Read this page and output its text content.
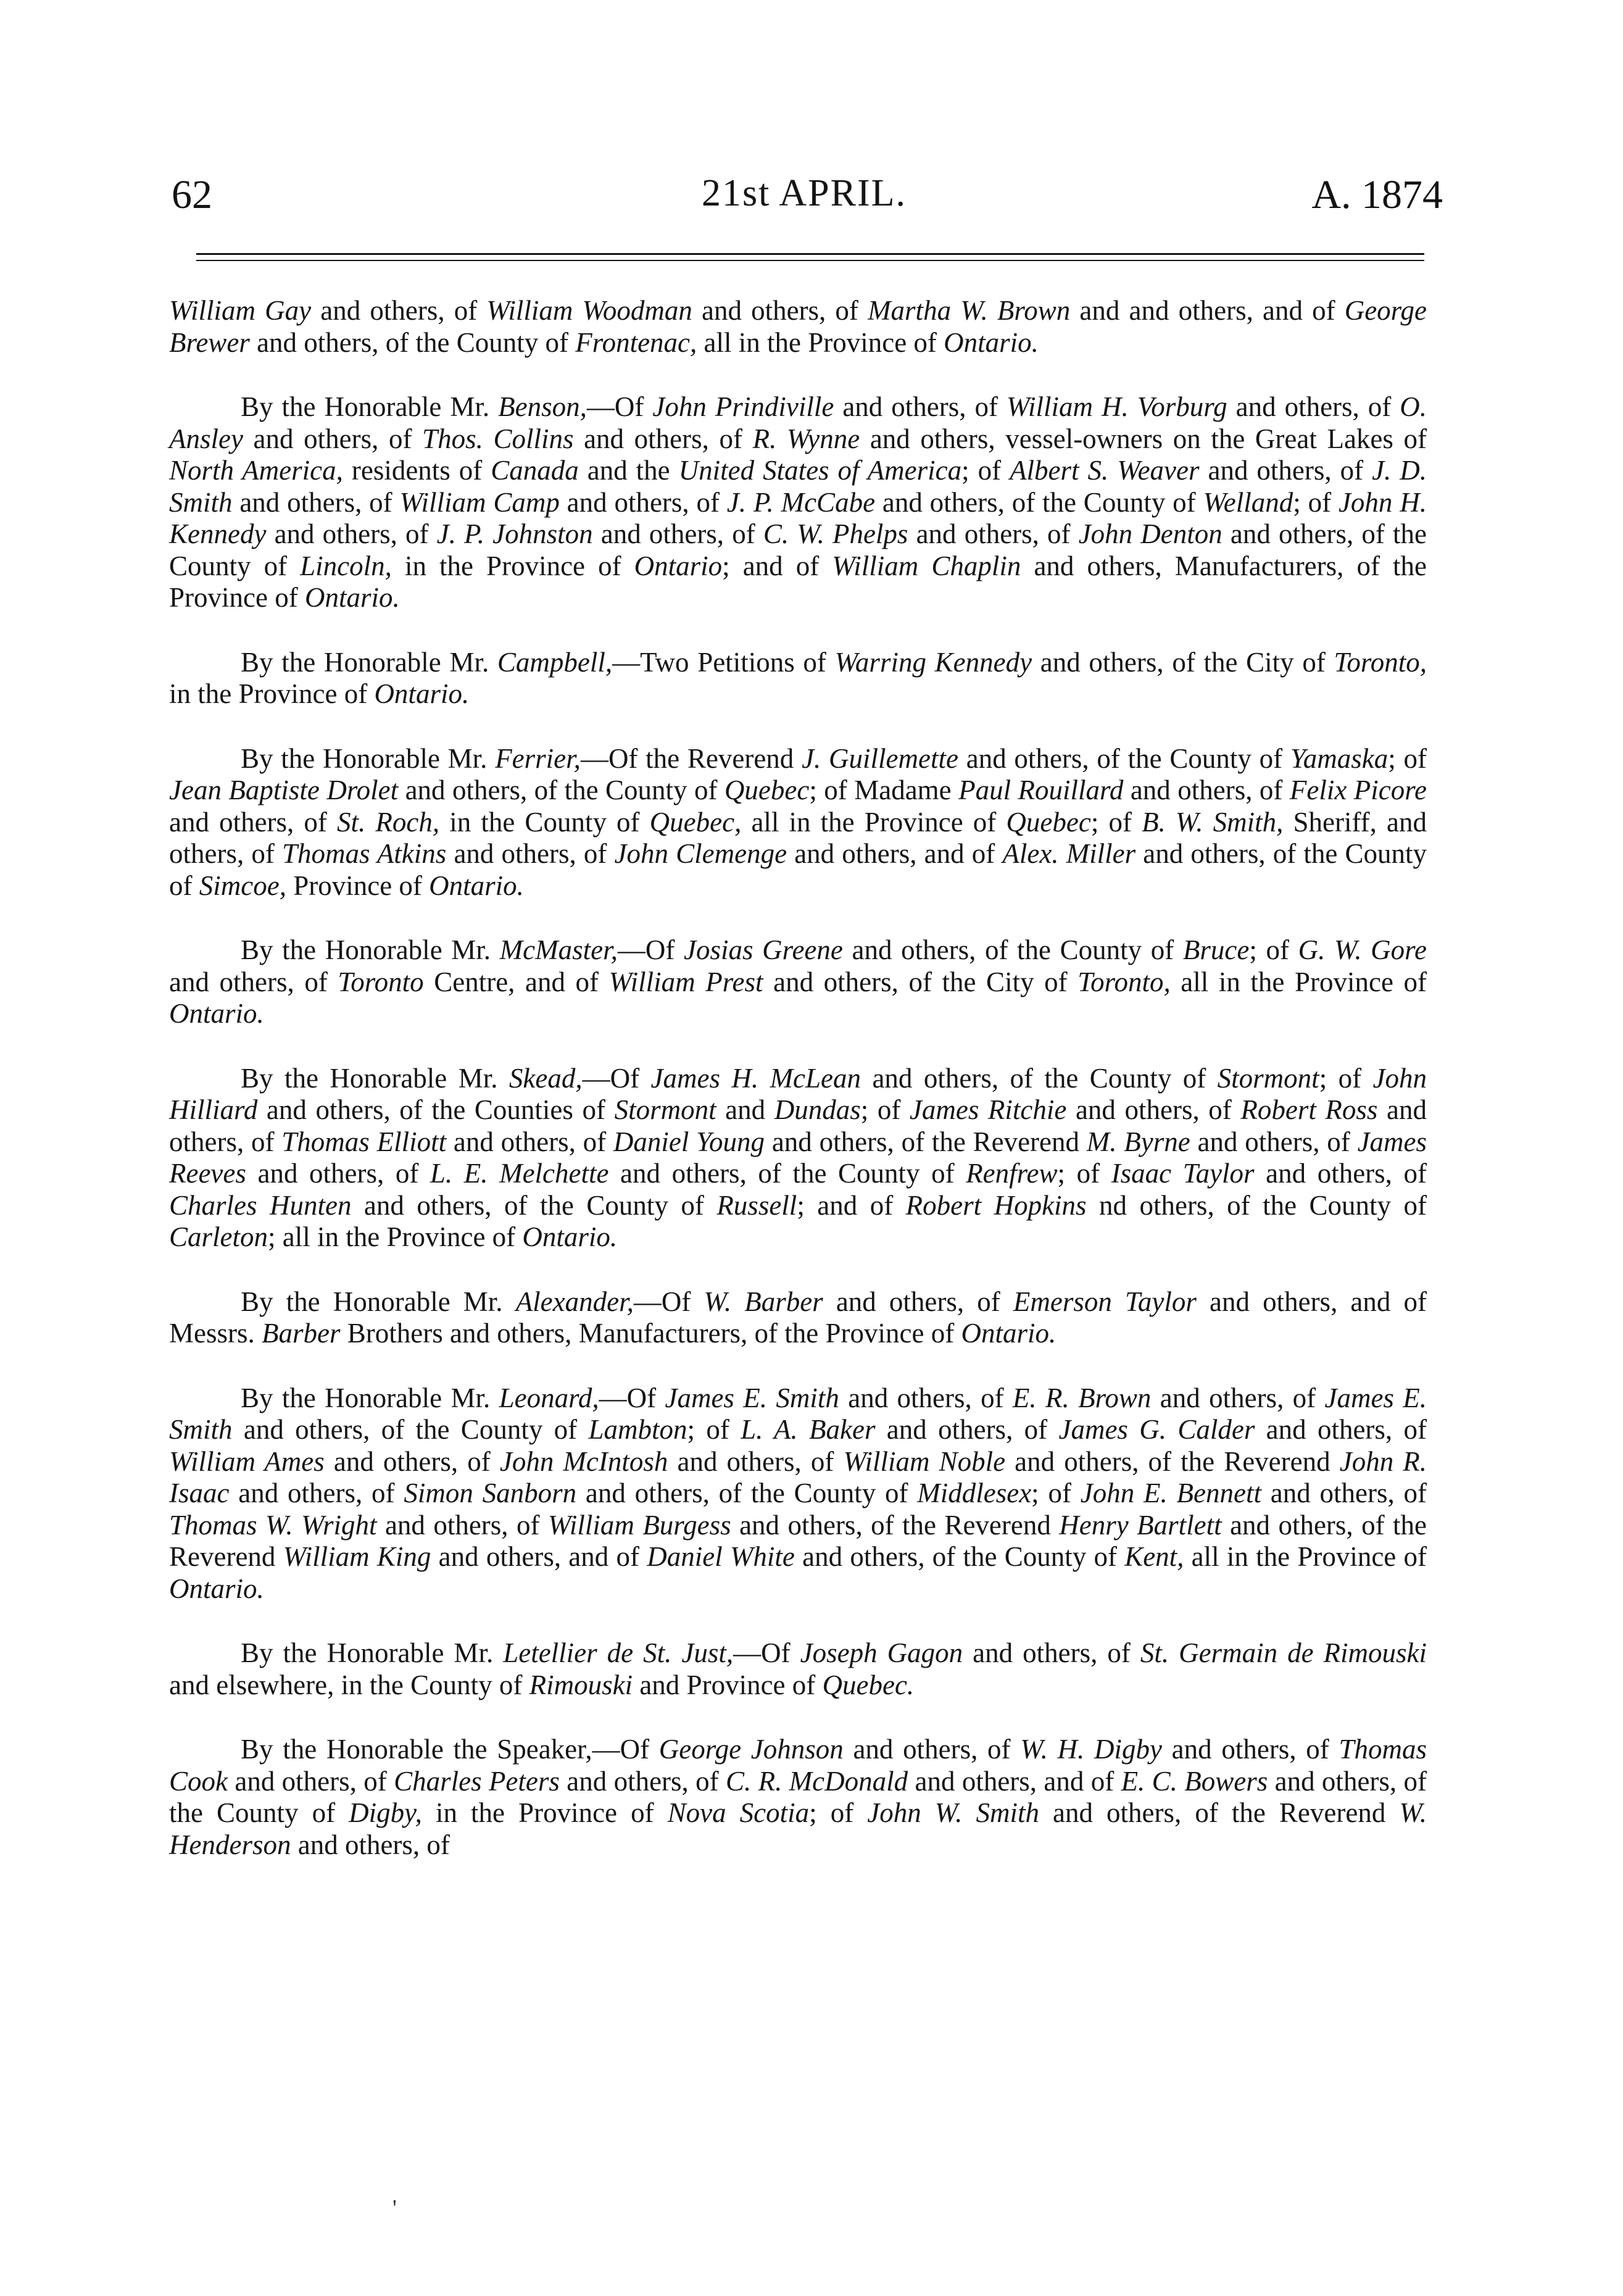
62	21st APRIL.	A. 1874

William Gay and others, of William Woodman and others, of Martha W. Brown and and others, and of George Brewer and others, of the County of Frontenac, all in the Province of Ontario.

By the Honorable Mr. Benson,—Of John Prindiville and others, of William H. Vorburg and others, of O. Ansley and others, of Thos. Collins and others, of R. Wynne and others, vessel-owners on the Great Lakes of North America, residents of Canada and the United States of America; of Albert S. Weaver and others, of J. D. Smith and others, of William Camp and others, of J. P. McCabe and others, of the County of Welland; of John H. Kennedy and others, of J. P. Johnston and others, of C. W. Phelps and others, of John Denton and others, of the County of Lincoln, in the Province of Ontario; and of William Chaplin and others, Manufacturers, of the Province of Ontario.

By the Honorable Mr. Campbell,—Two Petitions of Warring Kennedy and others, of the City of Toronto, in the Province of Ontario.

By the Honorable Mr. Ferrier,—Of the Reverend J. Guillemette and others, of the County of Yamaska; of Jean Baptiste Drolet and others, of the County of Quebec; of Madame Paul Rouillard and others, of Felix Picore and others, of St. Roch, in the County of Quebec, all in the Province of Quebec; of B. W. Smith, Sheriff, and others, of Thomas Atkins and others, of John Clemenge and others, and of Alex. Miller and others, of the County of Simcoe, Province of Ontario.

By the Honorable Mr. McMaster,—Of Josias Greene and others, of the County of Bruce; of G. W. Gore and others, of Toronto Centre, and of William Prest and others, of the City of Toronto, all in the Province of Ontario.

By the Honorable Mr. Skead,—Of James H. McLean and others, of the County of Stormont; of John Hilliard and others, of the Counties of Stormont and Dundas; of James Ritchie and others, of Robert Ross and others, of Thomas Elliott and others, of Daniel Young and others, of the Reverend M. Byrne and others, of James Reeves and others, of L. E. Melchette and others, of the County of Renfrew; of Isaac Taylor and others, of Charles Hunten and others, of the County of Russell; and of Robert Hopkins nd others, of the County of Carleton; all in the Province of Ontario.

By the Honorable Mr. Alexander,—Of W. Barber and others, of Emerson Taylor and others, and of Messrs. Barber Brothers and others, Manufacturers, of the Province of Ontario.

By the Honorable Mr. Leonard,—Of James E. Smith and others, of E. R. Brown and others, of James E. Smith and others, of the County of Lambton; of L. A. Baker and others, of James G. Calder and others, of William Ames and others, of John McIntosh and others, of William Noble and others, of the Reverend John R. Isaac and others, of Simon Sanborn and others, of the County of Middlesex; of John E. Bennett and others, of Thomas W. Wright and others, of William Burgess and others, of the Reverend Henry Bartlett and others, of the Reverend William King and others, and of Daniel White and others, of the County of Kent, all in the Province of Ontario.

By the Honorable Mr. Letellier de St. Just,—Of Joseph Gagon and others, of St. Germain de Rimouski and elsewhere, in the County of Rimouski and Province of Quebec.

By the Honorable the Speaker,—Of George Johnson and others, of W. H. Digby and others, of Thomas Cook and others, of Charles Peters and others, of C. R. McDonald and others, and of E. C. Bowers and others, of the County of Digby, in the Province of Nova Scotia; of John W. Smith and others, of the Reverend W. Henderson and others, of

'
